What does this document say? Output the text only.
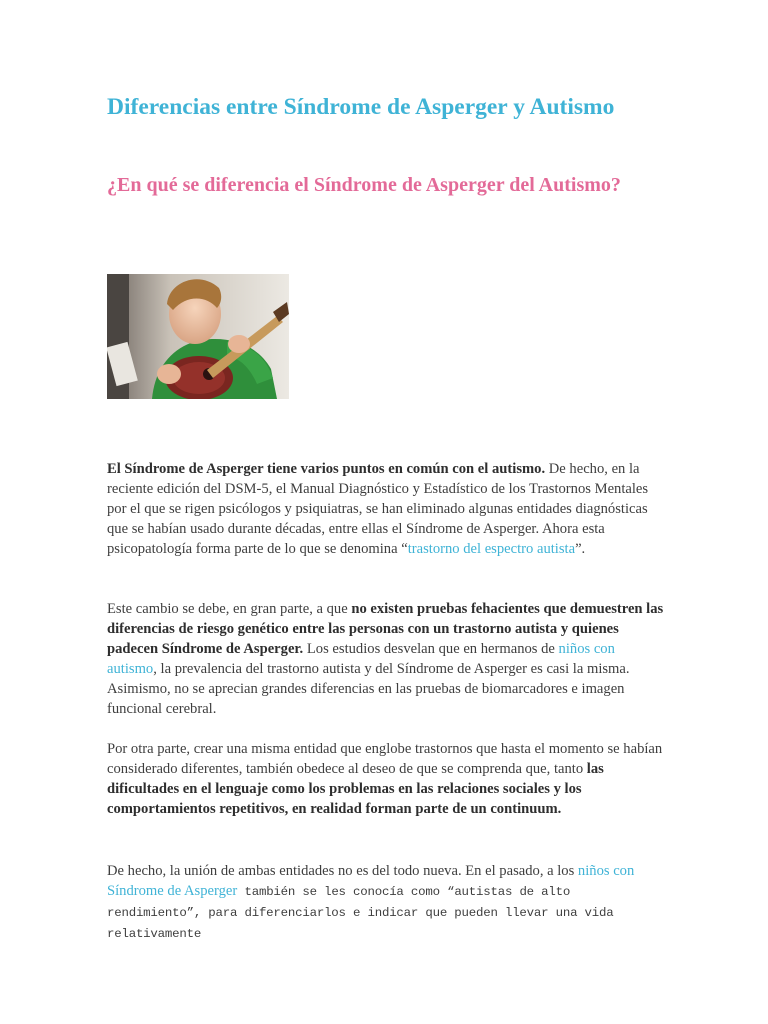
Diferencias entre Síndrome de Asperger y Autismo
¿En qué se diferencia el Síndrome de Asperger del Autismo?

El Síndrome de Asperger tiene varios puntos en común con el autismo. De hecho, en la reciente edición del DSM-5, el Manual Diagnóstico y Estadístico de los Trastornos Mentales por el que se rigen psicólogos y psiquiatras, se han eliminado algunas entidades diagnósticas que se habían usado durante décadas, entre ellas el Síndrome de Asperger. Ahora esta psicopatología forma parte de lo que se denomina “trastorno del espectro autista”.

Este cambio se debe, en gran parte, a que no existen pruebas fehacientes que demuestren las diferencias de riesgo genético entre las personas con un trastorno autista y quienes padecen Síndrome de Asperger. Los estudios desvelan que en hermanos de niños con autismo, la prevalencia del trastorno autista y del Síndrome de Asperger es casi la misma. Asimismo, no se aprecian grandes diferencias en las pruebas de biomarcadores e imagen funcional cerebral.

Por otra parte, crear una misma entidad que englobe trastornos que hasta el momento se habían considerado diferentes, también obedece al deseo de que se comprenda que, tanto las dificultades en el lenguaje como los problemas en las relaciones sociales y los comportamientos repetitivos, en realidad forman parte de un continuum.

De hecho, la unión de ambas entidades no es del todo nueva. En el pasado, a los niños con Síndrome de Asperger también se les conocía como “autistas de alto rendimiento”, para diferenciarlos e indicar que pueden llevar una vida relativamente
